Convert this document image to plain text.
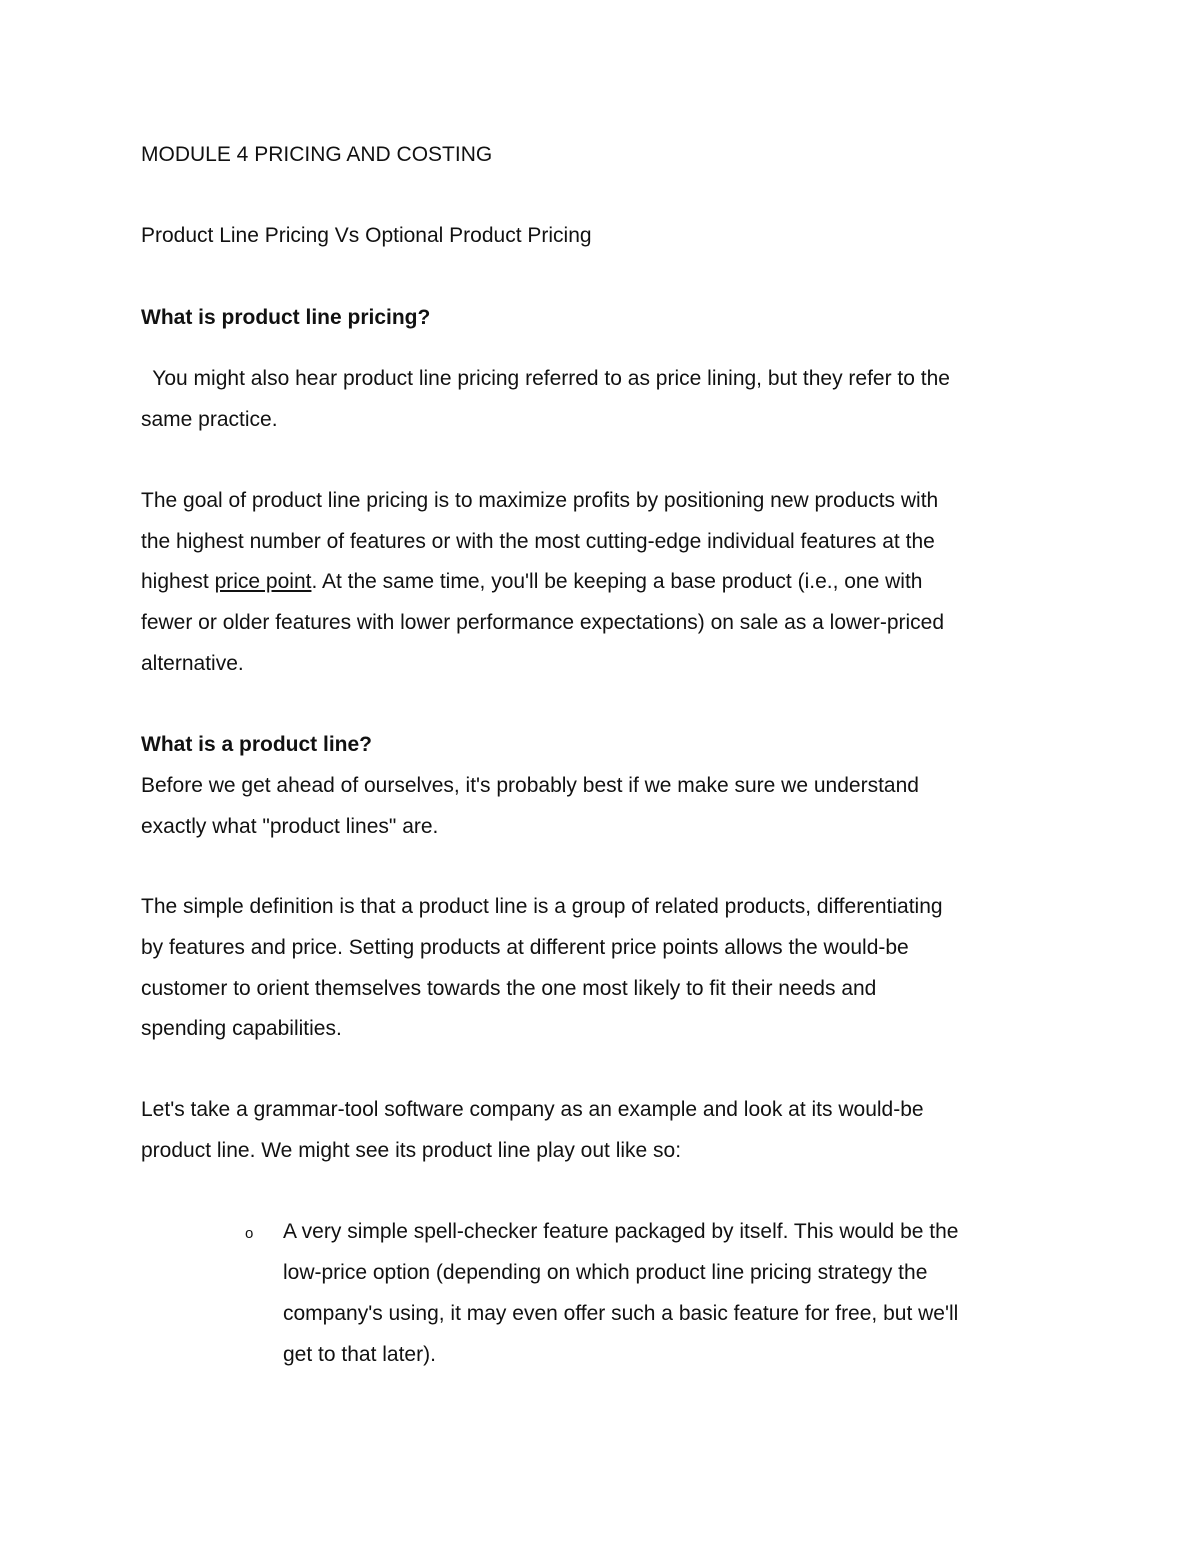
MODULE 4 PRICING AND COSTING

Product Line Pricing Vs Optional Product Pricing

What is product line pricing?

You might also hear product line pricing referred to as price lining, but they refer to the

same practice.

The goal of product line pricing is to maximize profits by positioning new products with

the highest number of features or with the most cutting-edge individual features at the

highest price point. At the same time, you'll be keeping a base product (i.e., one with

fewer or older features with lower performance expectations) on sale as a lower-priced

alternative.

What is a product line?

Before we get ahead of ourselves, it's probably best if we make sure we understand

exactly what "product lines" are.

The simple definition is that a product line is a group of related products, differentiating

by features and price. Setting products at different price points allows the would-be

customer to orient themselves towards the one most likely to fit their needs and

spending capabilities.

Let's take a grammar-tool software company as an example and look at its would-be

product line. We might see its product line play out like so:

o A very simple spell-checker feature packaged by itself. This would be the

low-price option (depending on which product line pricing strategy the

company's using, it may even offer such a basic feature for free, but we'll

get to that later).
